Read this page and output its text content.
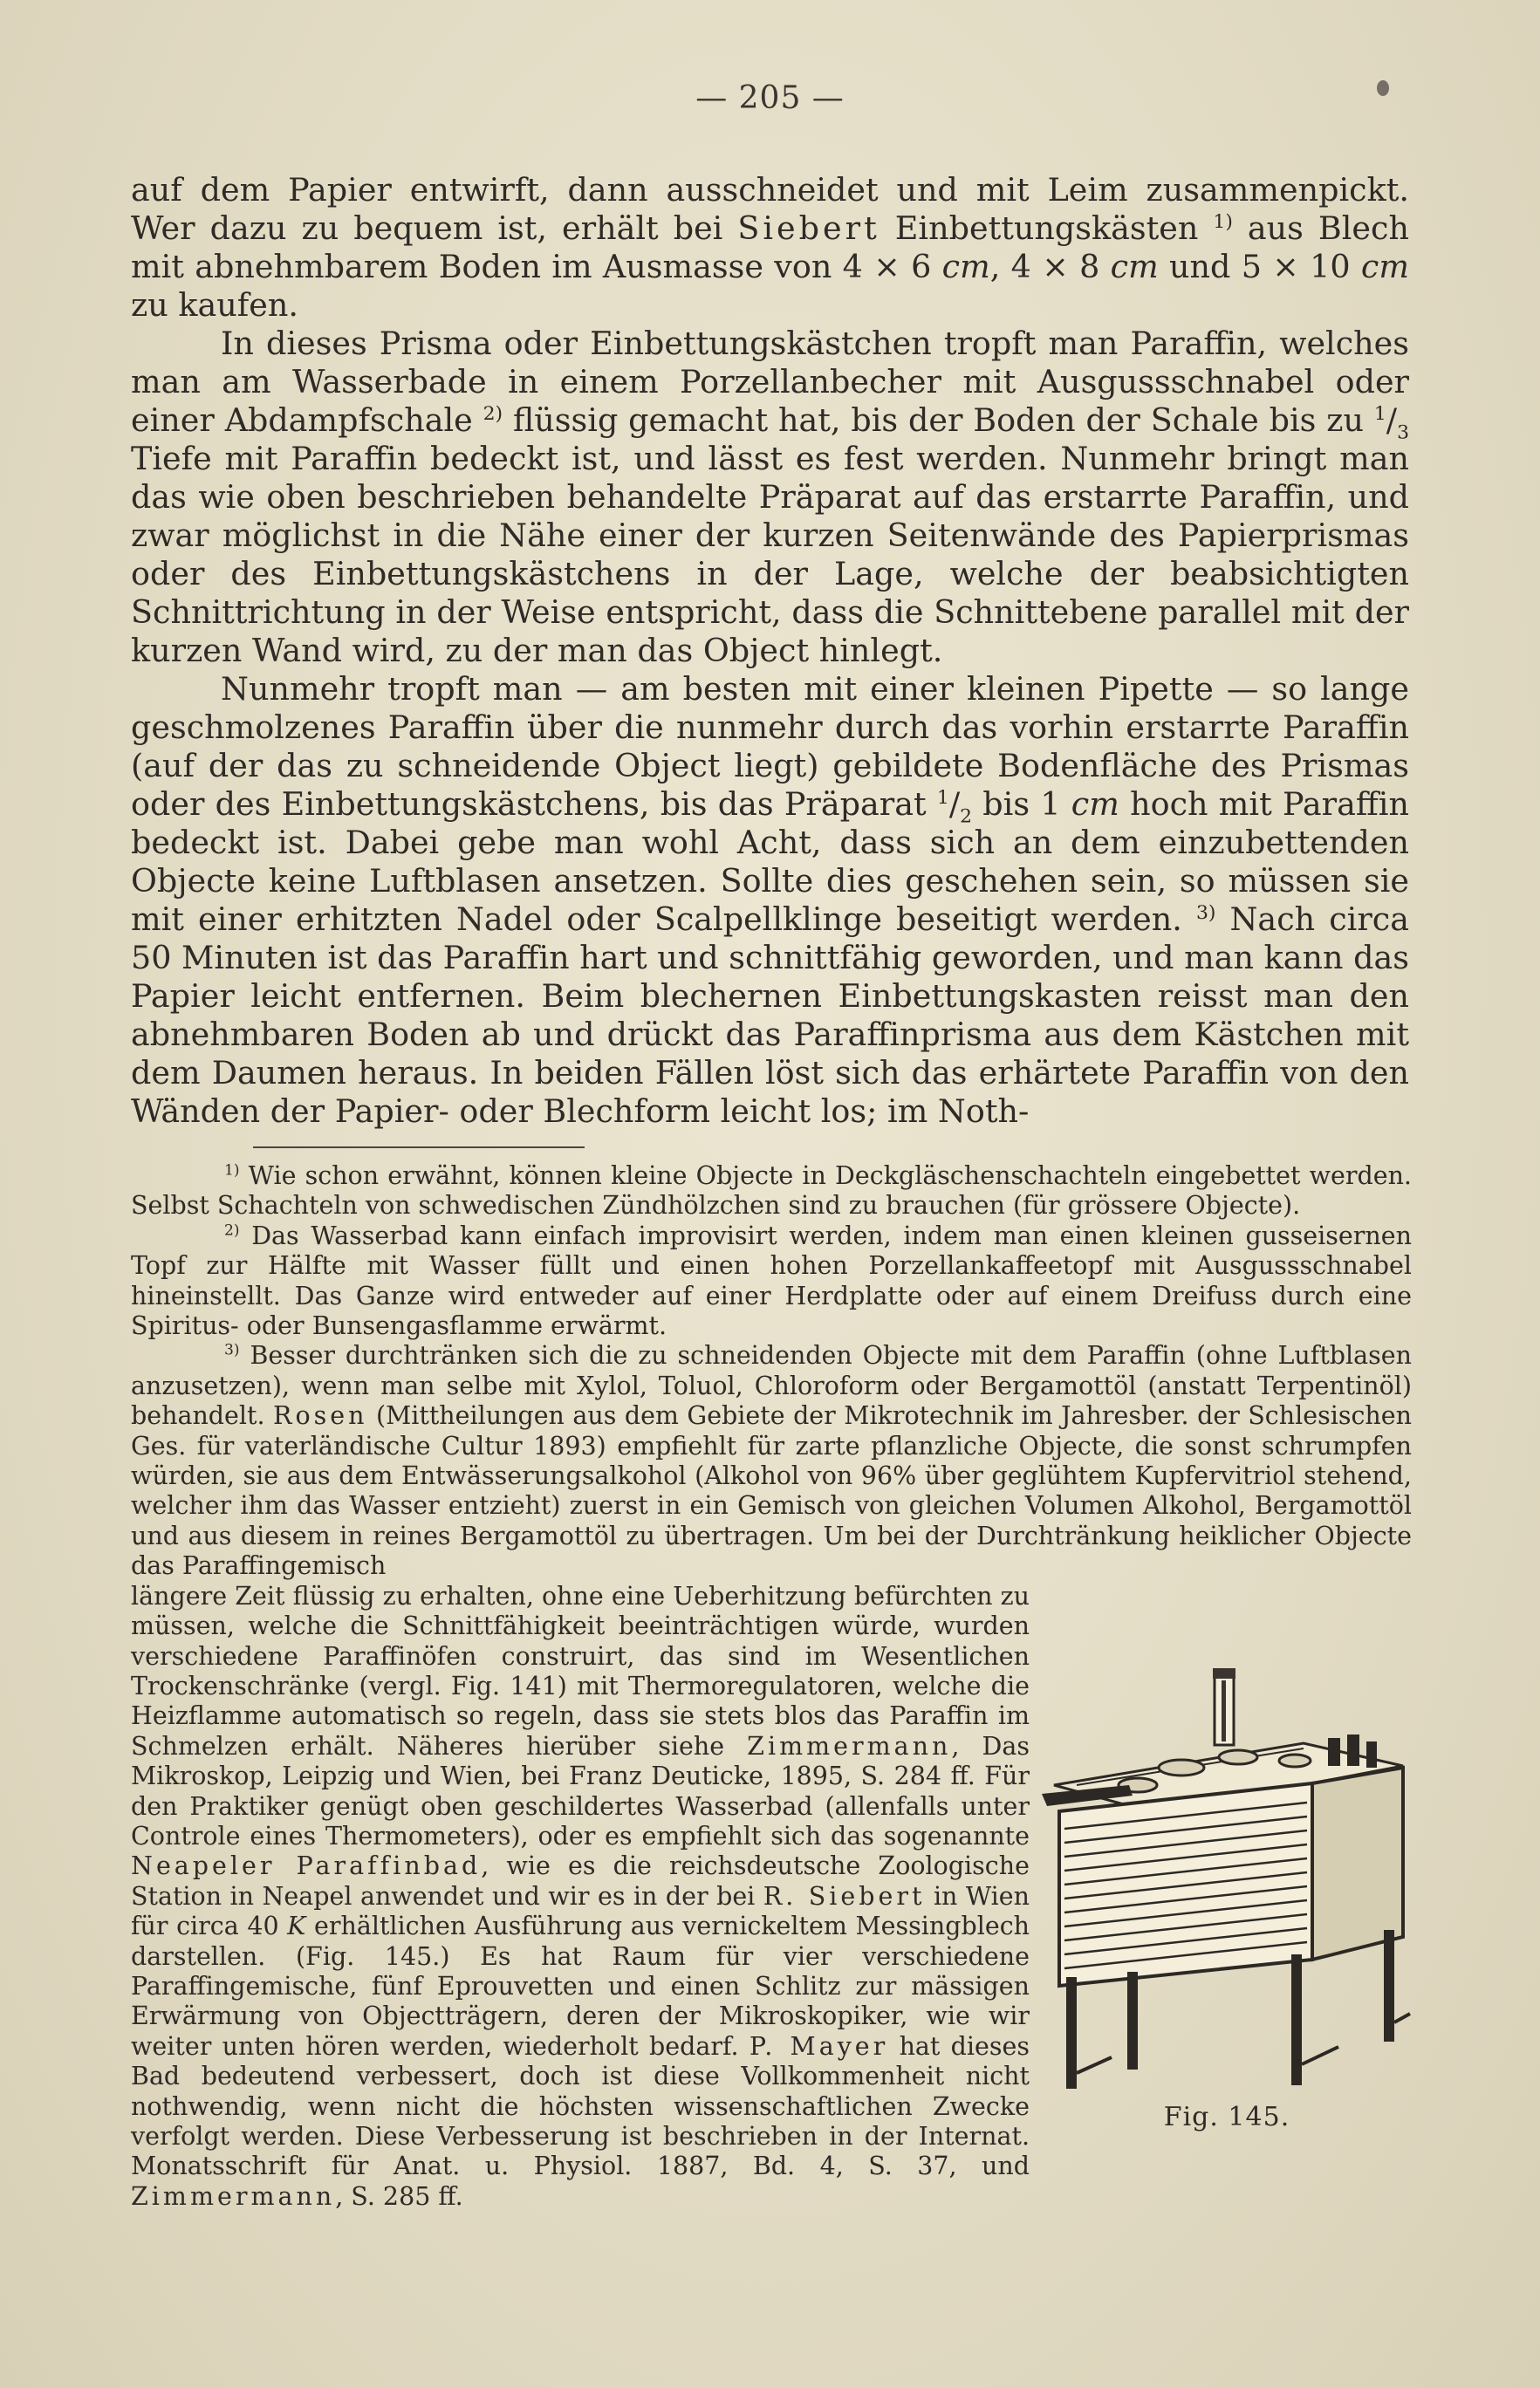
— 205 —

auf dem Papier entwirft, dann ausschneidet und mit Leim zusammenpickt. Wer dazu zu bequem ist, erhält bei Siebert Einbettungskästen $^{1)}$ aus Blech mit abnehmbarem Boden im Ausmasse von 4 × 6 cm, 4 × 8 cm und 5 × 10 cm zu kaufen.

In dieses Prisma oder Einbettungskästchen tropft man Paraffin, welches man am Wasserbade in einem Porzellanbecher mit Ausgussschnabel oder einer Abdampfschale $^{2)}$ flüssig gemacht hat, bis der Boden der Schale bis zu $^1/_3$ Tiefe mit Paraffin bedeckt ist, und lässt es fest werden. Nunmehr bringt man das wie oben beschrieben behandelte Präparat auf das erstarrte Paraffin, und zwar möglichst in die Nähe einer der kurzen Seitenwände des Papierprismas oder des Einbettungskästchens in der Lage, welche der beabsichtigten Schnittrichtung in der Weise entspricht, dass die Schnittebene parallel mit der kurzen Wand wird, zu der man das Object hinlegt.

Nunmehr tropft man — am besten mit einer kleinen Pipette — so lange geschmolzenes Paraffin über die nunmehr durch das vorhin erstarrte Paraffin (auf der das zu schneidende Object liegt) gebildete Bodenfläche des Prismas oder des Einbettungskästchens, bis das Präparat $^1/_2$ bis 1 cm hoch mit Paraffin bedeckt ist. Dabei gebe man wohl Acht, dass sich an dem einzubettenden Objecte keine Luftblasen ansetzen. Sollte dies geschehen sein, so müssen sie mit einer erhitzten Nadel oder Scalpellklinge beseitigt werden. $^{3)}$ Nach circa 50 Minuten ist das Paraffin hart und schnittfähig geworden, und man kann das Papier leicht entfernen. Beim blechernen Einbettungskasten reisst man den abnehmbaren Boden ab und drückt das Paraffinprisma aus dem Kästchen mit dem Daumen heraus. In beiden Fällen löst sich das erhärtete Paraffin von den Wänden der Papier- oder Blechform leicht los; im Noth-

$^{1)}$ Wie schon erwähnt, können kleine Objecte in Deckgläschenschachteln eingebettet werden. Selbst Schachteln von schwedischen Zündhölzchen sind zu brauchen (für grössere Objecte).

$^{2)}$ Das Wasserbad kann einfach improvisirt werden, indem man einen kleinen gusseisernen Topf zur Hälfte mit Wasser füllt und einen hohen Porzellankaffeetopf mit Ausgussschnabel hineinstellt. Das Ganze wird entweder auf einer Herdplatte oder auf einem Dreifuss durch eine Spiritus- oder Bunsengasflamme erwärmt.

$^{3)}$ Besser durchtränken sich die zu schneidenden Objecte mit dem Paraffin (ohne Luftblasen anzusetzen), wenn man selbe mit Xylol, Toluol, Chloroform oder Bergamottöl (anstatt Terpentinöl) behandelt. Rosen (Mittheilungen aus dem Gebiete der Mikrotechnik im Jahresber. der Schlesischen Ges. für vaterländische Cultur 1893) empfiehlt für zarte pflanzliche Objecte, die sonst schrumpfen würden, sie aus dem Entwässerungsalkohol (Alkohol von 96% über geglühtem Kupfervitriol stehend, welcher ihm das Wasser entzieht) zuerst in ein Gemisch von gleichen Volumen Alkohol, Bergamottöl und aus diesem in reines Bergamottöl zu übertragen. Um bei der Durchtränkung heiklicher Objecte das Paraffingemisch

Fig. 145.
längere Zeit flüssig zu erhalten, ohne eine Ueberhitzung befürchten zu müssen, welche die Schnittfähigkeit beeinträchtigen würde, wurden verschiedene Paraffinöfen construirt, das sind im Wesentlichen Trockenschränke (vergl. Fig. 141) mit Thermoregulatoren, welche die Heizflamme automatisch so regeln, dass sie stets blos das Paraffin im Schmelzen erhält. Näheres hierüber siehe Zimmermann, Das Mikroskop, Leipzig und Wien, bei Franz Deuticke, 1895, S. 284 ff. Für den Praktiker genügt oben geschildertes Wasserbad (allenfalls unter Controle eines Thermometers), oder es empfiehlt sich das sogenannte Neapeler Paraffinbad, wie es die reichsdeutsche Zoologische Station in Neapel anwendet und wir es in der bei R. Siebert in Wien für circa 40 K erhältlichen Ausführung aus vernickeltem Messingblech darstellen. (Fig. 145.) Es hat Raum für vier verschiedene Paraffingemische, fünf Eprouvetten und einen Schlitz zur mässigen Erwärmung von Objectträgern, deren der Mikroskopiker, wie wir weiter unten hören werden, wiederholt bedarf. P. Mayer hat dieses Bad bedeutend verbessert, doch ist diese Vollkommenheit nicht nothwendig, wenn nicht die höchsten wissenschaftlichen Zwecke verfolgt werden. Diese Verbesserung ist beschrieben in der Internat. Monatsschrift für Anat. u. Physiol. 1887, Bd. 4, S. 37, und Zimmermann, S. 285 ff.
